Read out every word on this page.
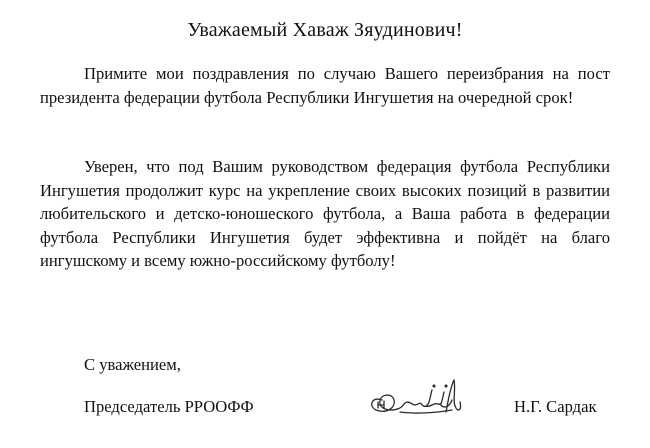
Уважаемый Хаваж Зяудинович!

Примите мои поздравления по случаю Вашего переизбрания на пост президента федерации футбола Республики Ингушетия на очередной срок!

Уверен, что под Вашим руководством федерация футбола Республики Ингушетия продолжит курс на укрепление своих высоких позиций в развитии любительского и детско-юношеского футбола, а Ваша работа в федерации футбола Республики Ингушетия будет эффективна и пойдёт на благо ингушскому и всему южно-российскому футболу!

С уважением,
Председатель РРООФФ	Н.Г. Сардак
